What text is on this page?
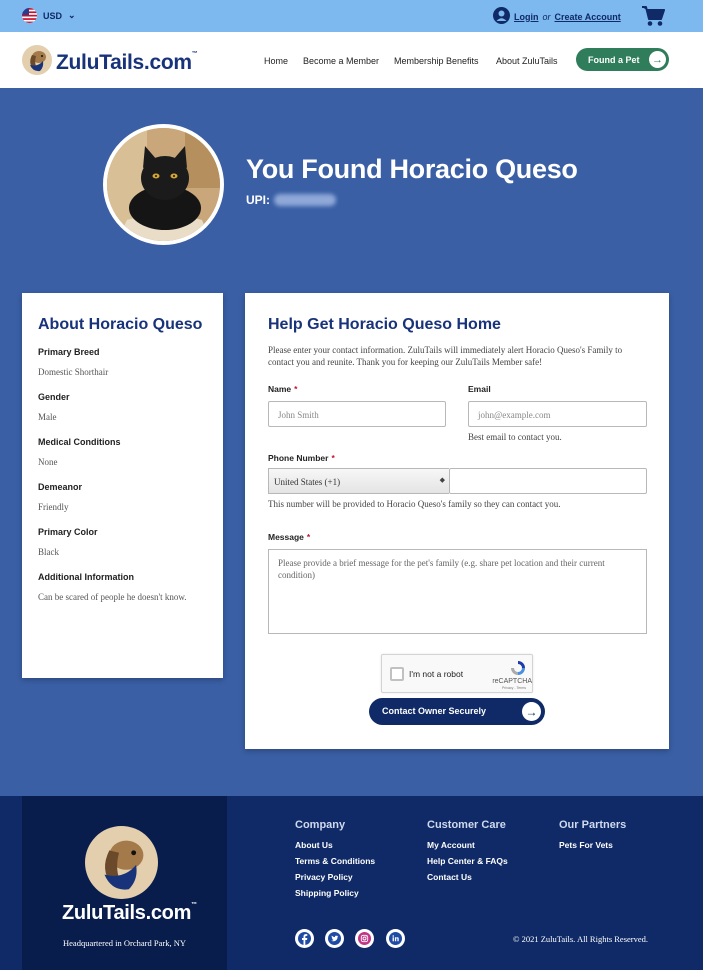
USD ⌄	Login or Create Account
ZuluTails.com™
Home Become a Member Membership Benefits About ZuluTails	Found a Pet →
You Found Horacio Queso
UPI:
About Horacio Queso
Primary Breed
Domestic Shorthair
Gender
Male
Medical Conditions
None
Demeanor
Friendly
Primary Color
Black
Additional Information
Can be scared of people he doesn't know.
Help Get Horacio Queso Home
Please enter your contact information. ZuluTails will immediately alert Horacio Queso's Family to contact you and reunite. Thank you for keeping our ZuluTails Member safe!
Name *
John Smith
Email
john@example.com
Best email to contact you.
Phone Number *
United States (+1)	◆
This number will be provided to Horacio Queso's family so they can contact you.
Message *
Please provide a brief message for the pet's family (e.g. share pet location and their current condition)
I'm not a robot
reCAPTCHA
Privacy - Terms
Contact Owner Securely	→
ZuluTails.com™
Headquartered in Orchard Park, NY
Company
About Us
Terms & Conditions
Privacy Policy
Shipping Policy
Customer Care
My Account
Help Center & FAQs
Contact Us
Our Partners
Pets For Vets
© 2021 ZuluTails. All Rights Reserved.
